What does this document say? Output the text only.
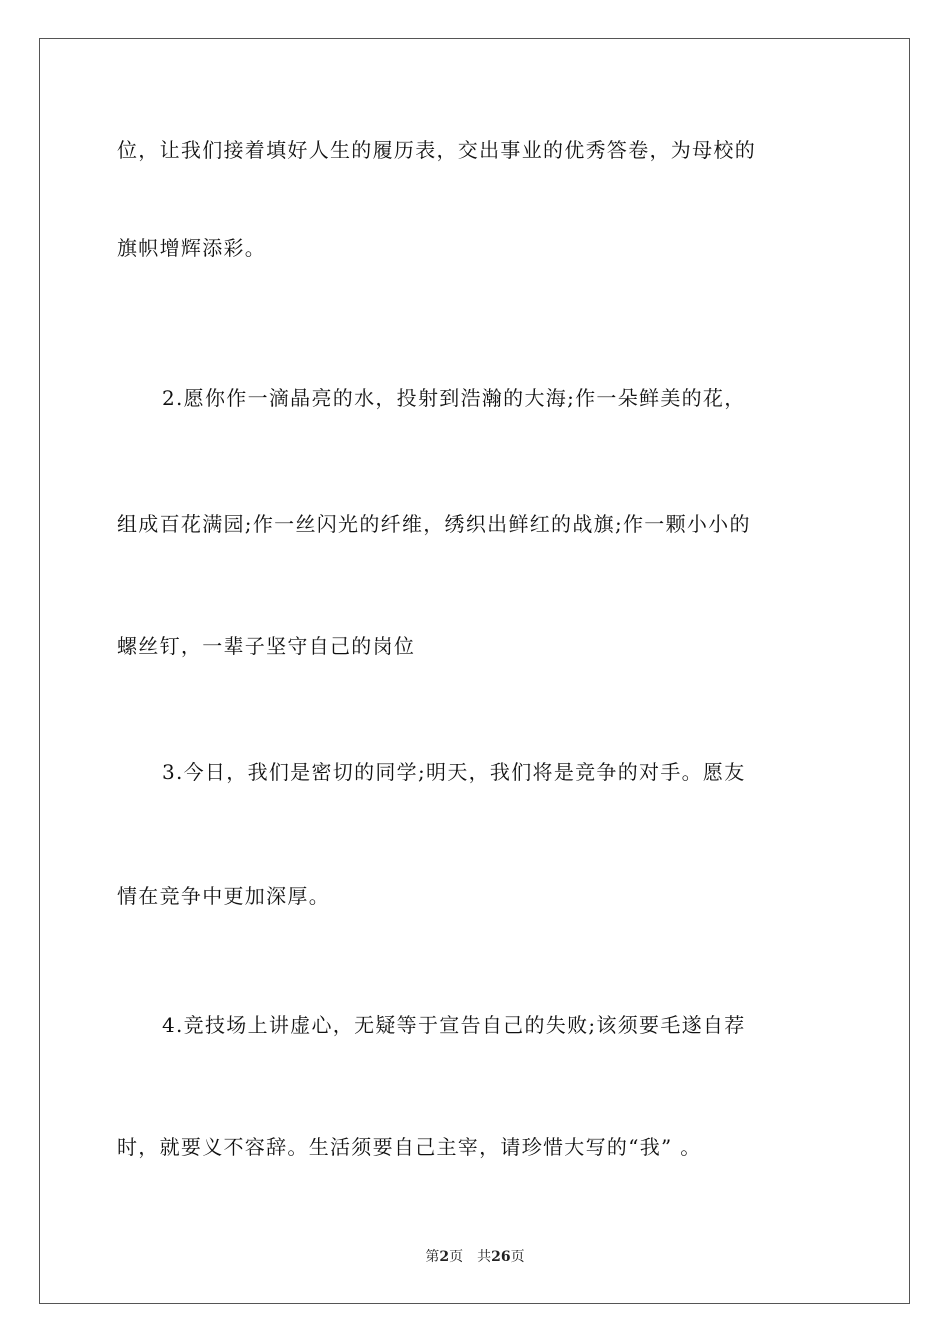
位，让我们接着填好人生的履历表，交出事业的优秀答卷，为母校的
旗帜增辉添彩。
2.愿你作一滴晶亮的水，投射到浩瀚的大海;作一朵鲜美的花，
组成百花满园;作一丝闪光的纤维，绣织出鲜红的战旗;作一颗小小的
螺丝钉，一辈子坚守自己的岗位
3.今日，我们是密切的同学;明天，我们将是竞争的对手。愿友
情在竞争中更加深厚。
4.竞技场上讲虚心，无疑等于宣告自己的失败;该须要毛遂自荐
时，就要义不容辞。生活须要自己主宰，请珍惜大写的“我” 。
第2页 共26页
